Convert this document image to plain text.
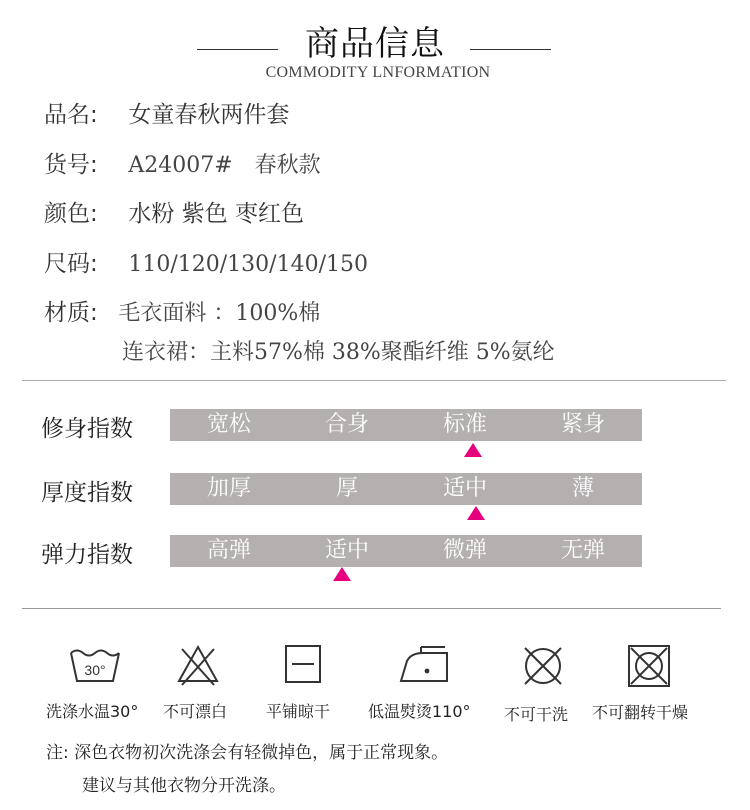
商品信息
COMMODITY LNFORMATION
品名: 女童春秋两件套
货号: A24007#　春秋款
颜色: 水粉 紫色 枣红色
尺码: 110/120/130/140/150
材质: 毛衣面料 ：100%棉
连衣裙：主料57%棉 38%聚酯纤维 5%氨纶
修身指数	宽松	合身	标准	紧身
厚度指数	加厚	厚	适中	薄
弹力指数	高弹	适中	微弹	无弹
30°
洗涤水温30° 不可漂白 平铺晾干 低温熨烫110° 不可干洗 不可翻转干燥
注: 深色衣物初次洗涤会有轻微掉色，属于正常现象。
建议与其他衣物分开洗涤。
